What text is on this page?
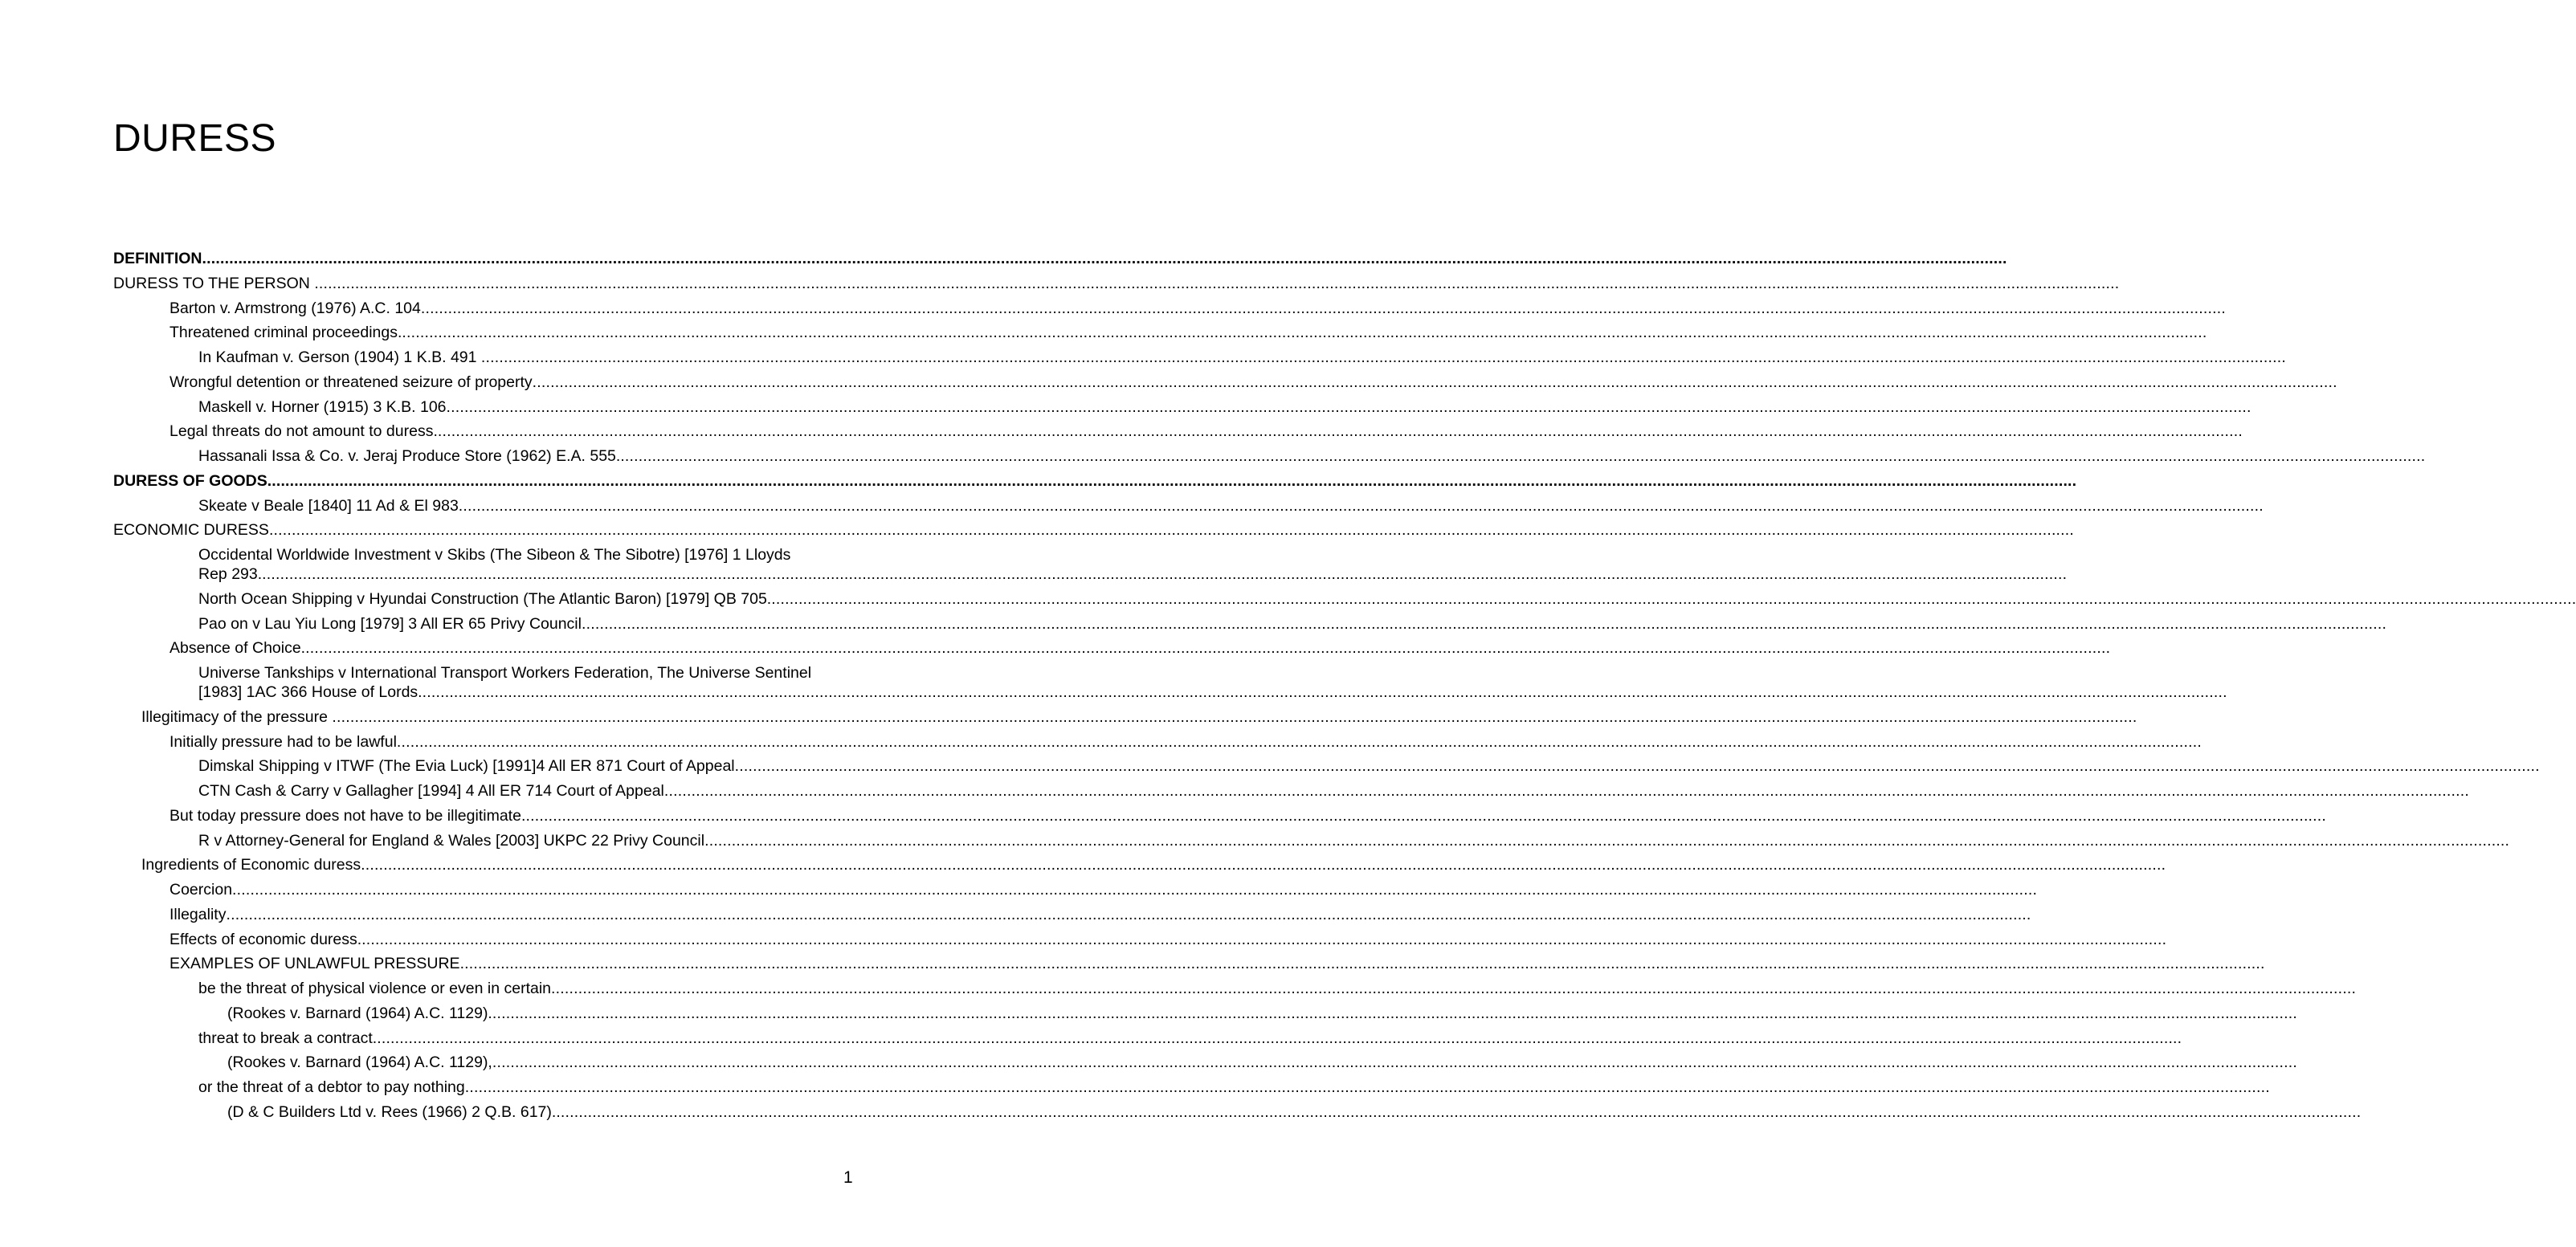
DURESS
DEFINITION................................................................................................................................................................................................................................................................................................................................................................................................................
DURESS TO THE PERSON ................................................................................................................................................................................................................................................................................................................................................................................................................
Barton v. Armstrong (1976) A.C. 104................................................................................................................................................................................................................................................................................................................................................................................................................
Threatened criminal proceedings.................................................................................................................................................................................................................................................................................................................................................................................................................
In Kaufman v. Gerson (1904) 1 K.B. 491 ................................................................................................................................................................................................................................................................................................................................................................................................................
Wrongful detention or threatened seizure of property................................................................................................................................................................................................................................................................................................................................................................................................................
Maskell v. Horner (1915) 3 K.B. 106................................................................................................................................................................................................................................................................................................................................................................................................................
Legal threats do not amount to duress.................................................................................................................................................................................................................................................................................................................................................................................................................
Hassanali Issa & Co. v. Jeraj Produce Store (1962) E.A. 555.................................................................................................................................................................................................................................................................................................................................................................................................................
DURESS OF GOODS.................................................................................................................................................................................................................................................................................................................................................................................................................
Skeate v Beale [1840] 11 Ad & El 983................................................................................................................................................................................................................................................................................................................................................................................................................
ECONOMIC DURESS................................................................................................................................................................................................................................................................................................................................................................................................................
Occidental Worldwide Investment v Skibs (The Sibeon & The Sibotre) [1976] 1 Lloyds
Rep 293.................................................................................................................................................................................................................................................................................................................................................................................................................
North Ocean Shipping v Hyundai Construction (The Atlantic Baron) [1979] QB 705.................................................................................................................................................................................................................................................................................................................................................................................................................
Pao on v Lau Yiu Long [1979] 3 All ER 65 Privy Council................................................................................................................................................................................................................................................................................................................................................................................................................
Absence of Choice.................................................................................................................................................................................................................................................................................................................................................................................................................
Universe Tankships v International Transport Workers Federation, The Universe Sentinel
[1983] 1AC 366 House of Lords.................................................................................................................................................................................................................................................................................................................................................................................................................
Illegitimacy of the pressure ................................................................................................................................................................................................................................................................................................................................................................................................................
Initially pressure had to be lawful................................................................................................................................................................................................................................................................................................................................................................................................................
Dimskal Shipping v ITWF (The Evia Luck) [1991]4 All ER 871 Court of Appeal................................................................................................................................................................................................................................................................................................................................................................................................................
CTN Cash & Carry v Gallagher [1994] 4 All ER 714 Court of Appeal................................................................................................................................................................................................................................................................................................................................................................................................................
But today pressure does not have to be illegitimate................................................................................................................................................................................................................................................................................................................................................................................................................
R v Attorney-General for England & Wales [2003] UKPC 22 Privy Council................................................................................................................................................................................................................................................................................................................................................................................................................
Ingredients of Economic duress................................................................................................................................................................................................................................................................................................................................................................................................................
Coercion................................................................................................................................................................................................................................................................................................................................................................................................................
Illegality................................................................................................................................................................................................................................................................................................................................................................................................................
Effects of economic duress.................................................................................................................................................................................................................................................................................................................................................................................................................
EXAMPLES OF UNLAWFUL PRESSURE................................................................................................................................................................................................................................................................................................................................................................................................................
be the threat of physical violence or even in certain................................................................................................................................................................................................................................................................................................................................................................................................................
(Rookes v. Barnard (1964) A.C. 1129).................................................................................................................................................................................................................................................................................................................................................................................................................
threat to break a contract.................................................................................................................................................................................................................................................................................................................................................................................................................
(Rookes v. Barnard (1964) A.C. 1129),................................................................................................................................................................................................................................................................................................................................................................................................................
or the threat of a debtor to pay nothing................................................................................................................................................................................................................................................................................................................................................................................................................
(D & C Builders Ltd v. Rees (1966) 2 Q.B. 617).................................................................................................................................................................................................................................................................................................................................................................................................................
1
